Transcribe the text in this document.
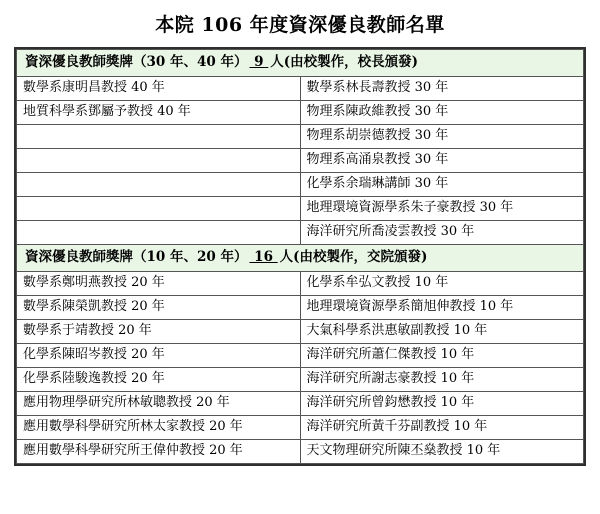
本院 106 年度資深優良教師名單
資深優良教師獎牌（30 年、40 年） 9 人(由校製作，校長頒發)	
數學系康明昌教授 40 年	數學系林長壽教授 30 年
地質科學系鄧屬予教授 40 年	物理系陳政維教授 30 年
	物理系胡崇德教授 30 年
	物理系高涌泉教授 30 年
	化學系余瑞琳講師 30 年
	地理環境資源學系朱子豪教授 30 年
	海洋研究所喬凌雲教授 30 年
資深優良教師獎牌（10 年、20 年） 16 人(由校製作，交院頒發)	
數學系鄭明燕教授 20 年	化學系牟弘文教授 10 年
數學系陳榮凱教授 20 年	地理環境資源學系簡旭伸教授 10 年
數學系于靖教授 20 年	大氣科學系洪惠敏副教授 10 年
化學系陳昭岑教授 20 年	海洋研究所蕭仁傑教授 10 年
化學系陸駿逸教授 20 年	海洋研究所謝志豪教授 10 年
應用物理學研究所林敏聰教授 20 年	海洋研究所曾鈞懋教授 10 年
應用數學科學研究所林太家教授 20 年	海洋研究所黃千芬副教授 10 年
應用數學科學研究所王偉仲教授 20 年	天文物理研究所陳丕燊教授 10 年
